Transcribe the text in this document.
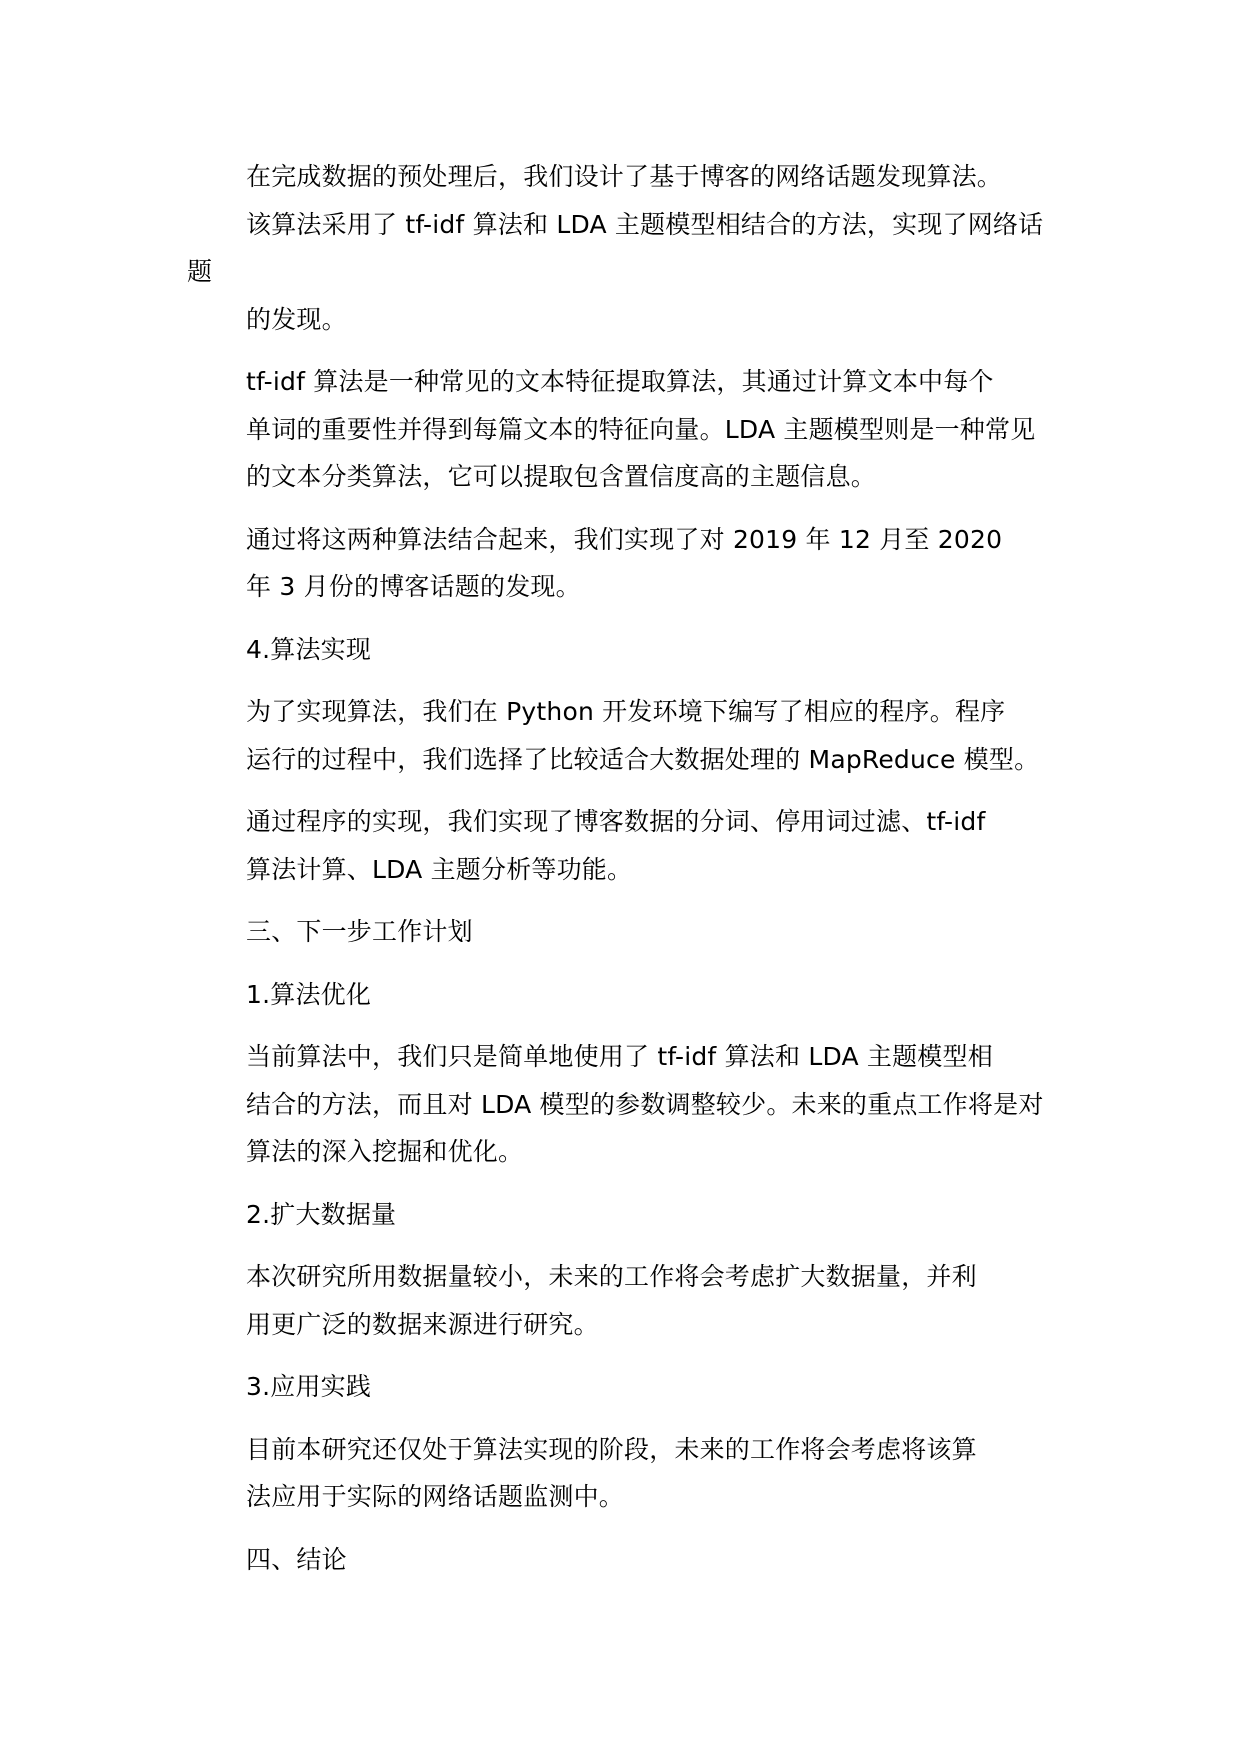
在完成数据的预处理后，我们设计了基于博客的网络话题发现算法。
该算法采用了 tf-idf 算法和 LDA 主题模型相结合的方法，实现了网络话题
的发现。

tf-idf 算法是一种常见的文本特征提取算法，其通过计算文本中每个
单词的重要性并得到每篇文本的特征向量。LDA 主题模型则是一种常见
的文本分类算法，它可以提取包含置信度高的主题信息。

通过将这两种算法结合起来，我们实现了对 2019 年 12 月至 2020
年 3 月份的博客话题的发现。

4.算法实现

为了实现算法，我们在 Python 开发环境下编写了相应的程序。程序
运行的过程中，我们选择了比较适合大数据处理的 MapReduce 模型。

通过程序的实现，我们实现了博客数据的分词、停用词过滤、tf-idf
算法计算、LDA 主题分析等功能。

三、下一步工作计划

1.算法优化

当前算法中，我们只是简单地使用了 tf-idf 算法和 LDA 主题模型相
结合的方法，而且对 LDA 模型的参数调整较少。未来的重点工作将是对
算法的深入挖掘和优化。

2.扩大数据量

本次研究所用数据量较小，未来的工作将会考虑扩大数据量，并利
用更广泛的数据来源进行研究。

3.应用实践

目前本研究还仅处于算法实现的阶段，未来的工作将会考虑将该算
法应用于实际的网络话题监测中。

四、结论
